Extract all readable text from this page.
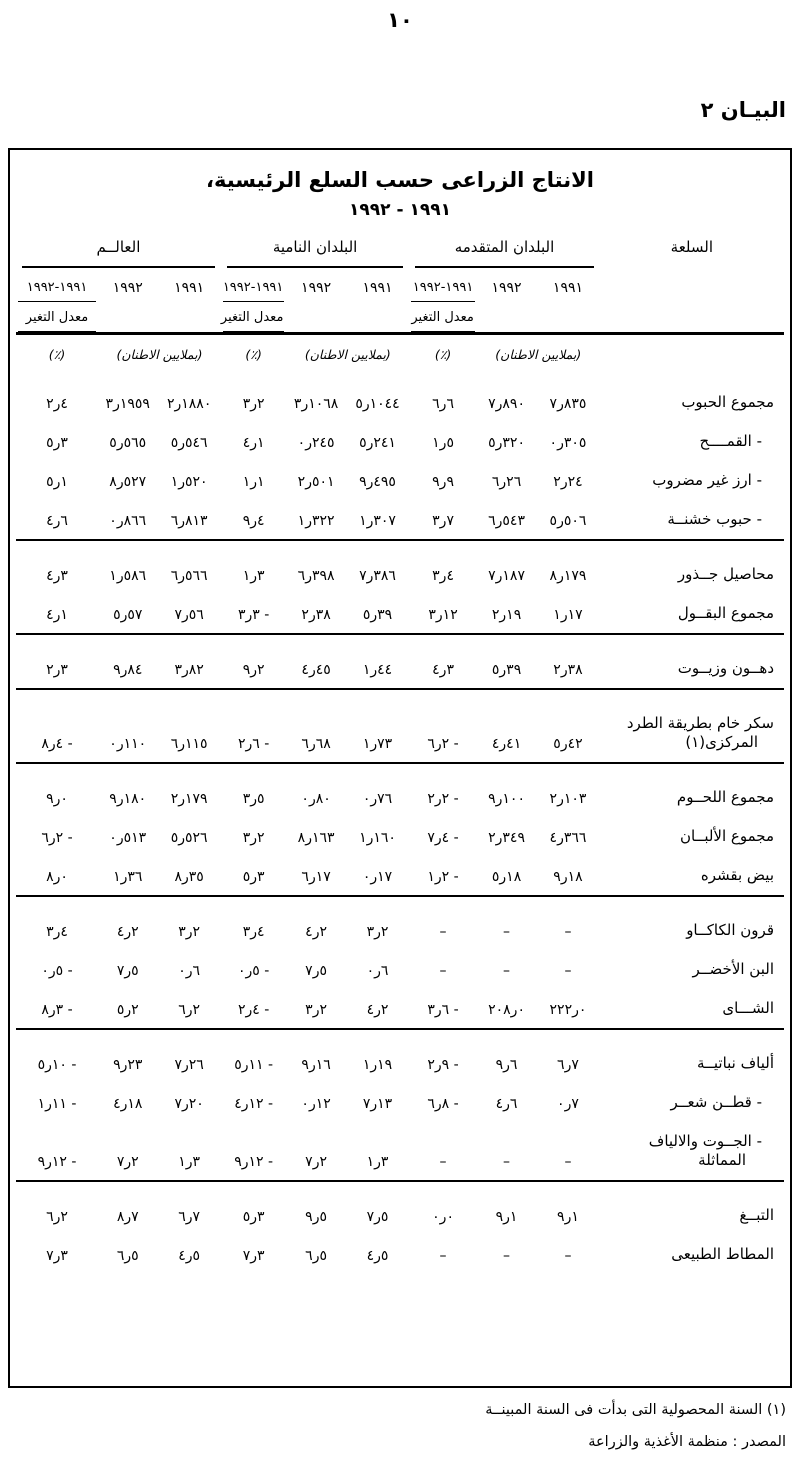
١٠
البيـان ٢
الانتاج الزراعى حسب السلع الرئيسية،
١٩٩١ - ١٩٩٢
السلعة	البلدان المتقدمه			البلدان النامية			العالــم		

١٩٩١	١٩٩٢	
١٩٩١-١٩٩٢
معدل التغير
	١٩٩١	١٩٩٢	
١٩٩١-١٩٩٢
معدل التغير
	١٩٩١	١٩٩٢	
١٩٩١-١٩٩٢
معدل التغير

	(بملايين الاطنان)		(٪)	(بملايين الاطنان)		(٪)	(بملايين الاطنان)		(٪)

مجموع الحبوب	٨٣٥ر٧	٨٩٠ر٧	٦ر٦	١٠٤٤ر٥	١٠٦٨ر٣	٢ر٣	١٨٨٠ر٢	١٩٥٩ر٣	٤ر٢

- القمــــح	٣٠٥ر٠	٣٢٠ر٥	٥ر١	٢٤١ر٥	٢٤٥ر٠	١ر٤	٥٤٦ر٥	٥٦٥ر٥	٣ر٥

- ارز غير مضروب	٢٤ر٢	٢٦ر٦	٩ر٩	٤٩٥ر٩	٥٠١ر٢	١ر١	٥٢٠ر١	٥٢٧ر٨	١ر٥

- حبوب خشنــة	٥٠٦ر٥	٥٤٣ر٦	٧ر٣	٣٠٧ر١	٣٢٢ر١	٤ر٩	٨١٣ر٦	٨٦٦ر٠	٦ر٤

محاصيل جــذور	١٧٩ر٨	١٨٧ر٧	٤ر٣	٣٨٦ر٧	٣٩٨ر٦	٣ر١	٥٦٦ر٦	٥٨٦ر١	٣ر٤

مجموع البقــول	١٧ر١	١٩ر٢	١٢ر٣	٣٩ر٥	٣٨ر٢	- ٣ر٣	٥٦ر٧	٥٧ر٥	١ر٤

دهــون وزيــوت	٣٨ر٢	٣٩ر٥	٣ر٤	٤٤ر١	٤٥ر٤	٢ر٩	٨٢ر٣	٨٤ر٩	٣ر٢

سكر خام بطريقة الطرد
المركزى(١)	٤٢ر٥	٤١ر٤	- ٢ر٦	٧٣ر١	٦٨ر٦	- ٦ر٢	١١٥ر٦	١١٠ر٠	- ٤ر٨

مجموع اللحــوم	١٠٣ر٢	١٠٠ر٩	- ٢ر٢	٧٦ر٠	٨٠ر٠	٥ر٣	١٧٩ر٢	١٨٠ر٩	٠ر٩

مجموع الألبــان	٣٦٦ر٤	٣٤٩ر٢	- ٤ر٧	١٦٠ر١	١٦٣ر٨	٢ر٣	٥٢٦ر٥	٥١٣ر٠	- ٢ر٦

بيض بقشره	١٨ر٩	١٨ر٥	- ٢ر١	١٧ر٠	١٧ر٦	٣ر٥	٣٥ر٨	٣٦ر١	٠ر٨

قرون الكاكــاو	–	–	–	٢ر٣	٢ر٤	٤ر٣	٢ر٣	٢ر٤	٤ر٣

البن الأخضــر	–	–	–	٦ر٠	٥ر٧	- ٥ر٠	٦ر٠	٥ر٧	- ٥ر٠

الشـــاى	٠ر٢٢٢	٠ر٢٠٨	- ٦ر٣	٢ر٤	٢ر٣	- ٤ر٢	٢ر٦	٢ر٥	- ٣ر٨

ألياف نباتيــة	٧ر٦	٦ر٩	- ٩ر٢	١٩ر١	١٦ر٩	- ١١ر٥	٢٦ر٧	٢٣ر٩	- ١٠ر٥

- قطــن شعــر	٧ر٠	٦ر٤	- ٨ر٦	١٣ر٧	١٢ر٠	- ١٢ر٤	٢٠ر٧	١٨ر٤	- ١١ر١

- الجــوت والالياف
المماثلة	–	–	–	٣ر١	٢ر٧	- ١٢ر٩	٣ر١	٢ر٧	- ١٢ر٩

التبــغ	١ر٩	١ر٩	٠ر٠	٥ر٧	٥ر٩	٣ر٥	٧ر٦	٧ر٨	٢ر٦

المطاط الطبيعى	–	–	–	٥ر٤	٥ر٦	٣ر٧	٥ر٤	٥ر٦	٣ر٧
(١) السنة المحصولية التى بدأت فى السنة المبينــة
المصدر : منظمة الأغذية والزراعة
